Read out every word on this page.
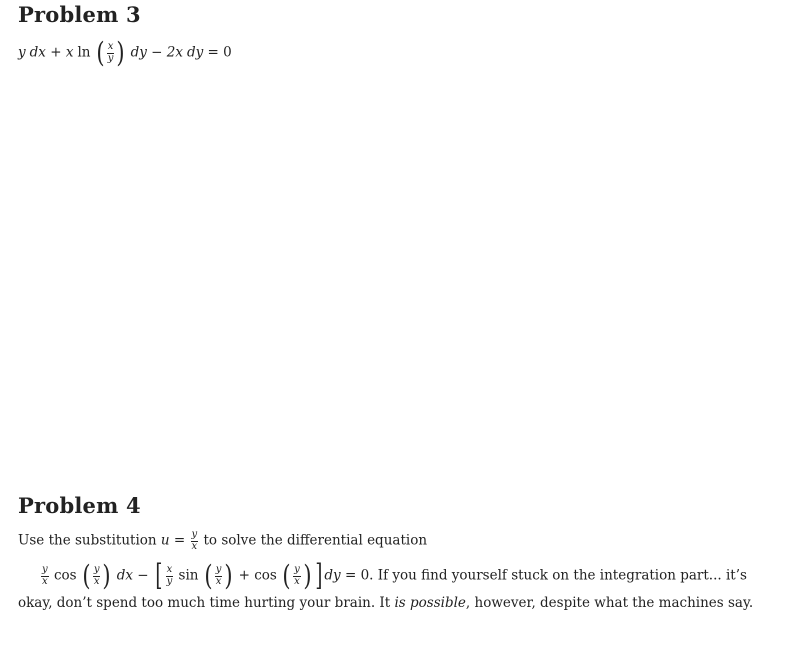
Problem 3
y dx + x ln ( $\frac{x}{y}$ ) dy − 2x dy = 0
Problem 4
Use the substitution $u = \frac{y}{x}$ to solve the differential equation
$\frac{y}{x}$ cos ( $\frac{y}{x}$ ) dx − [ $\frac{x}{y}$ sin ( $\frac{y}{x}$ ) + cos ( $\frac{y}{x}$ ) ] dy = 0. If you find yourself stuck on the integration part... it’s
okay, don’t spend too much time hurting your brain. It is possible, however, despite what the machines say.
